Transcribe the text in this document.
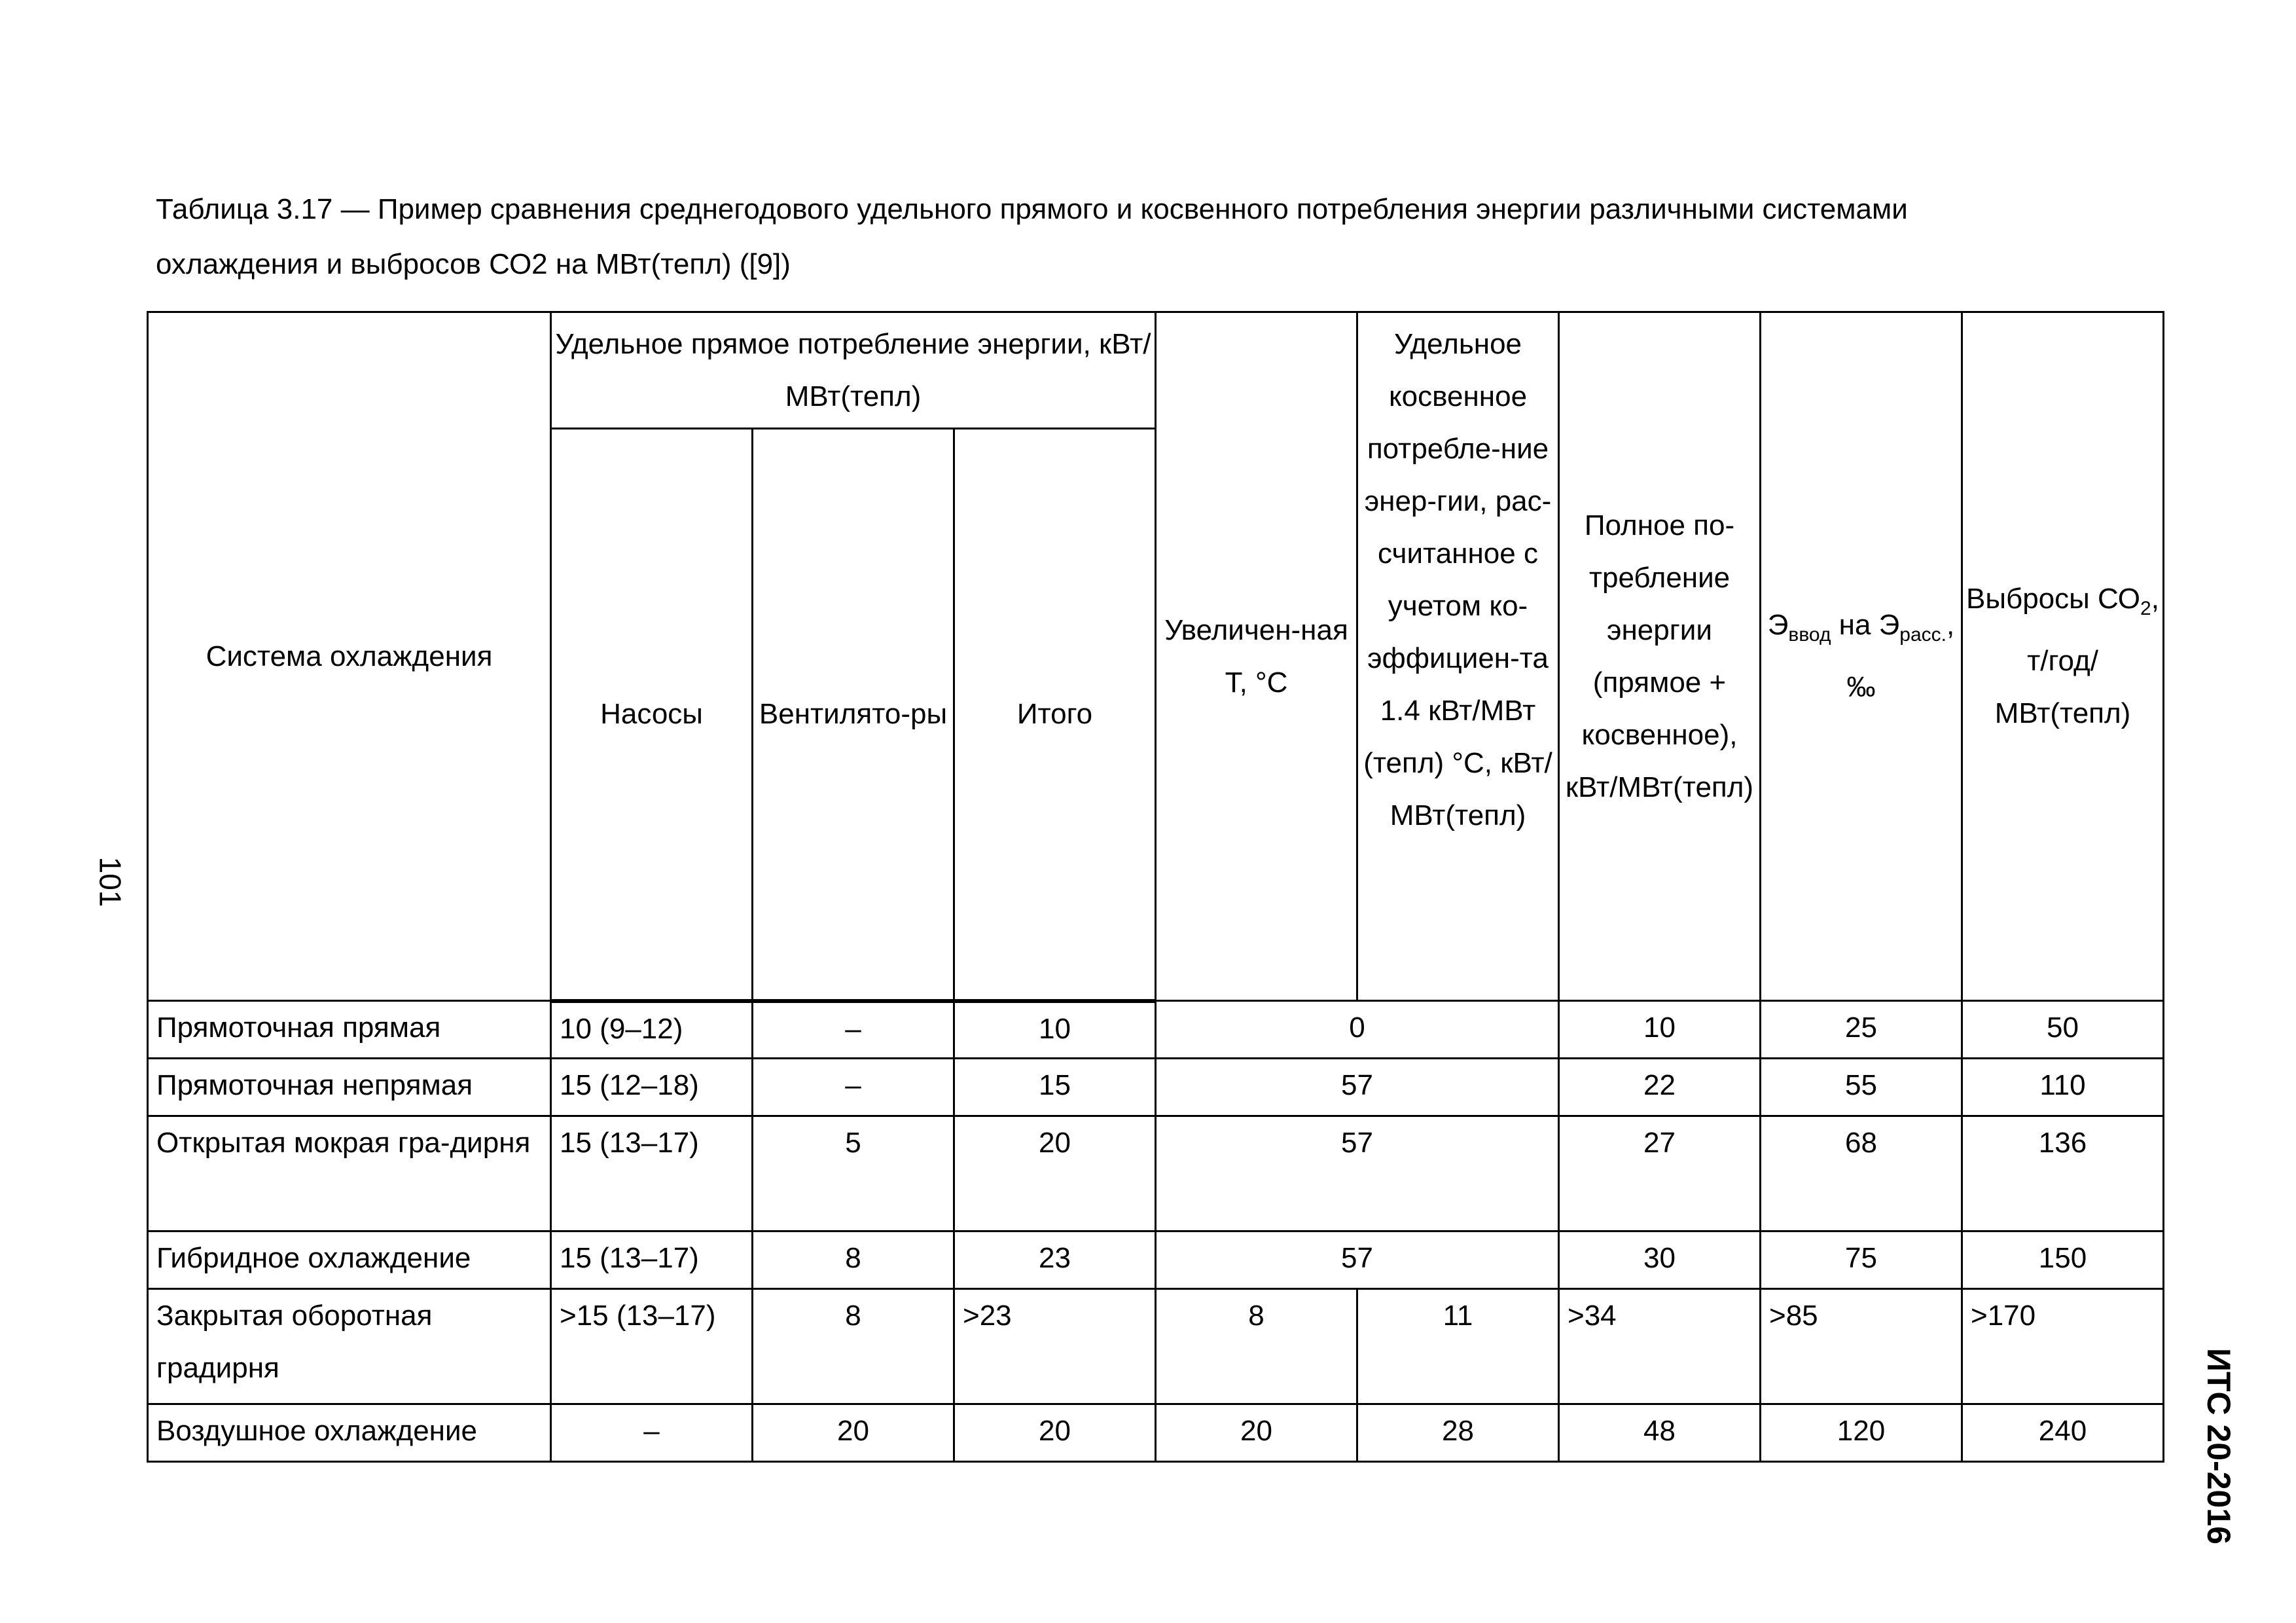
Таблица 3.17 — Пример сравнения среднегодового удельного прямого и косвенного потребления энергии различными системами
охлаждения и выбросов СО2 на МВт(тепл) ([9])
Система охлаждения	Удельное прямое потребление энергии, кВт/МВт(тепл)			Увеличен-ная Т, °С	Удельное косвенное потребле-ние энер-гии, рас-считанное с учетом ко-эффициен-та 1.4 кВт/МВт (тепл) °С, кВт/МВт(тепл)	Полное по-требление энергии (прямое + косвенное), кВт/МВт(тепл)	$Э_{ввод}$ на $Э_{расс.}$, ‰	Выбросы $СО_2$, т/год/МВт(тепл)
	Насосы	Вентилято-ры	Итого					
Прямоточная прямая	10 (9–12)	–	10	0		10	25	50
Прямоточная непрямая	15 (12–18)	–	15	57		22	55	110
Открытая мокрая гра-дирня	15 (13–17)	5	20	57		27	68	136
Гибридное охлаждение	15 (13–17)	8	23	57		30	75	150
Закрытая оборотная градирня	>15 (13–17)	8	>23	8	11	>34	>85	>170
Воздушное охлаждение	–	20	20	20	28	48	120	240
101
ИТС 20-2016
